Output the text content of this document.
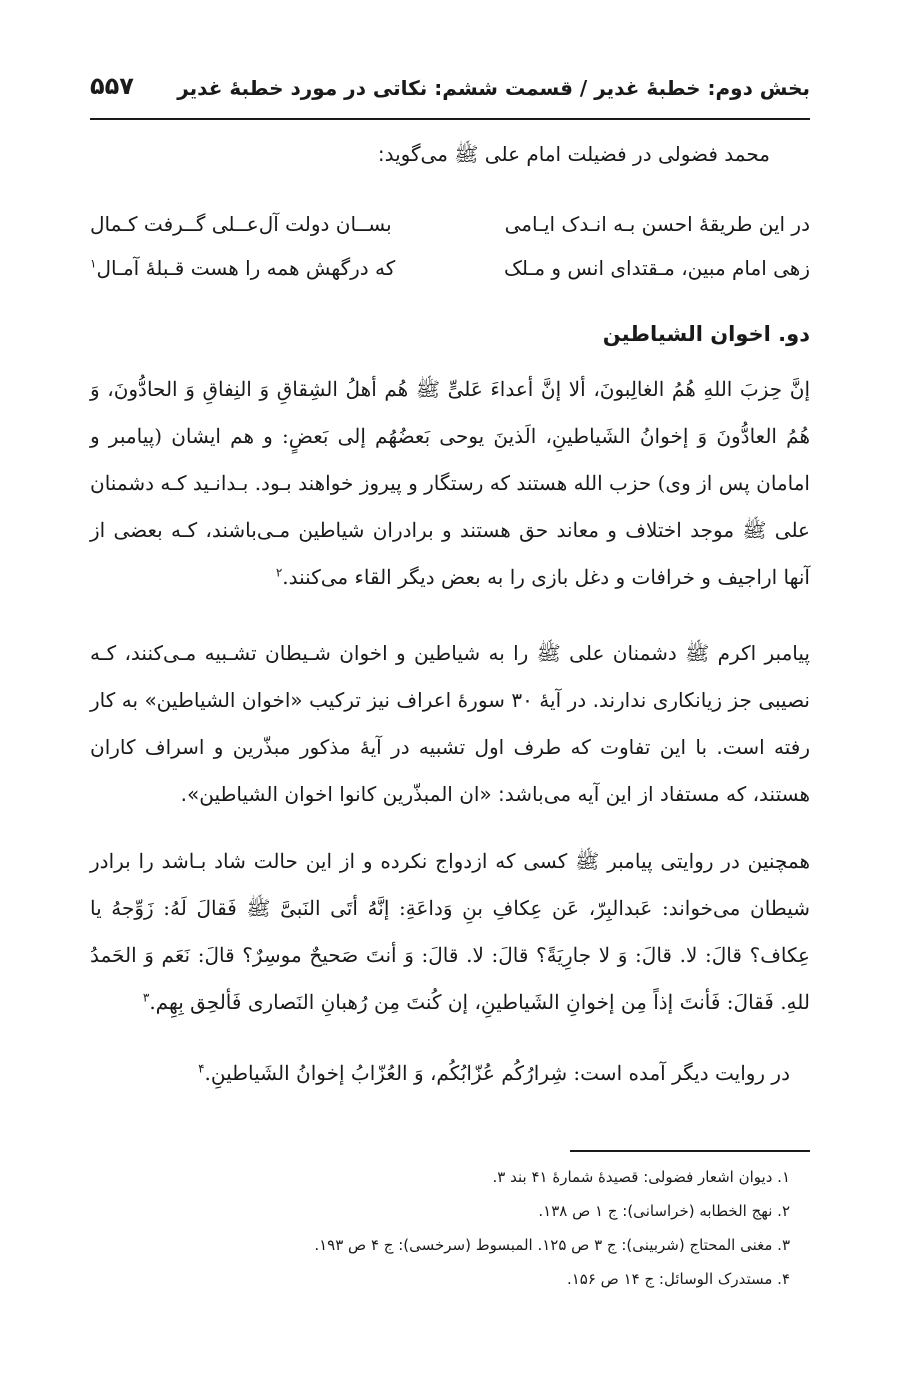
بخش دوم: خطبۀ غدیر / قسمت ششم: نکاتی در مورد خطبۀ غدیر
۵۵۷
محمد فضولی در فضیلت امام علی ﷺ می‌گوید:
در این طریقۀ احسن بـه انـدک ایـامی
بســان دولت آل‌عــلی گــرفت کـمال
زهی امام مبین، مـقتدای انس و مـلک
که درگهش همه را هست قـبلۀ آمـال$^۱$
دو. اخوان الشیاطین

إنَّ حِزبَ اللهِ هُمُ الغالِبونَ، ألا إنَّ أعداءَ عَلیٍّ ﷺ هُم أهلُ الشِقاقِ وَ النِفاقِ وَ الحادُّونَ، وَ هُمُ العادُّونَ وَ إخوانُ الشَیاطینِ، الَذینَ یوحی بَعضُهُم إلی بَعضٍ: و هم ایشان (پیامبر و امامان پس از وی) حزب الله هستند که رستگار و پیروز خواهند بـود. بـدانـید کـه دشمنان علی ﷺ موجد اختلاف و معاند حق هستند و برادران شیاطین مـی‌باشند، کـه بعضی از آنها اراجیف و خرافات و دغل بازی را به بعض دیگر القاء می‌کنند.$^۲$

پیامبر اکرم ﷺ دشمنان علی ﷺ را به شیاطین و اخوان شـیطان تشـبیه مـی‌کنند، کـه نصیبی جز زیانکاری ندارند. در آیۀ ۳۰ سورۀ اعراف نیز ترکیب «اخوان الشیاطین» به کار رفته است. با این تفاوت که طرف اول تشبیه در آیۀ مذکور مبذّرین و اسراف کاران هستند، که مستفاد از این آیه می‌باشد: «ان المبذّرین کانوا اخوان الشیاطین».

همچنین در روایتی پیامبر ﷺ کسی که ازدواج نکرده و از این حالت شاد بـاشد را برادر شیطان می‌خواند: عَبدالبِرّ، عَن عِکافِ بنِ وَداعَةِ: إنَّهُ أتَی النَبیَّ ﷺ فَقالَ لَهُ: زَوِّجهُ یا عِکاف؟ قالَ: لا. قالَ: وَ لا جارِیَةً؟ قالَ: لا. قالَ: وَ أنتَ صَحیحٌ موسِرٌ؟ قالَ: نَعَم وَ الحَمدُ للهِ. فَقالَ: فَأنتَ إذاً مِن إخوانِ الشَیاطینِ، إن کُنتَ مِن رُهبانِ النَصاری فَألحِق بِهِم.$^۳$

در روایت دیگر آمده است: شِرارُکُم عُزّابُکُم، وَ العُزّابُ إخوانُ الشَیاطینِ.$^۴$

۱. دیوان اشعار فضولی: قصیدۀ شمارۀ ۴۱ بند ۳.
۲. نهج الخطابه (خراسانی): ج ۱ ص ۱۳۸.
۳. مغنی المحتاج (شربینی): ج ۳ ص ۱۲۵. المبسوط (سرخسی): ج ۴ ص ۱۹۳.
۴. مستدرک الوسائل: ج ۱۴ ص ۱۵۶.
